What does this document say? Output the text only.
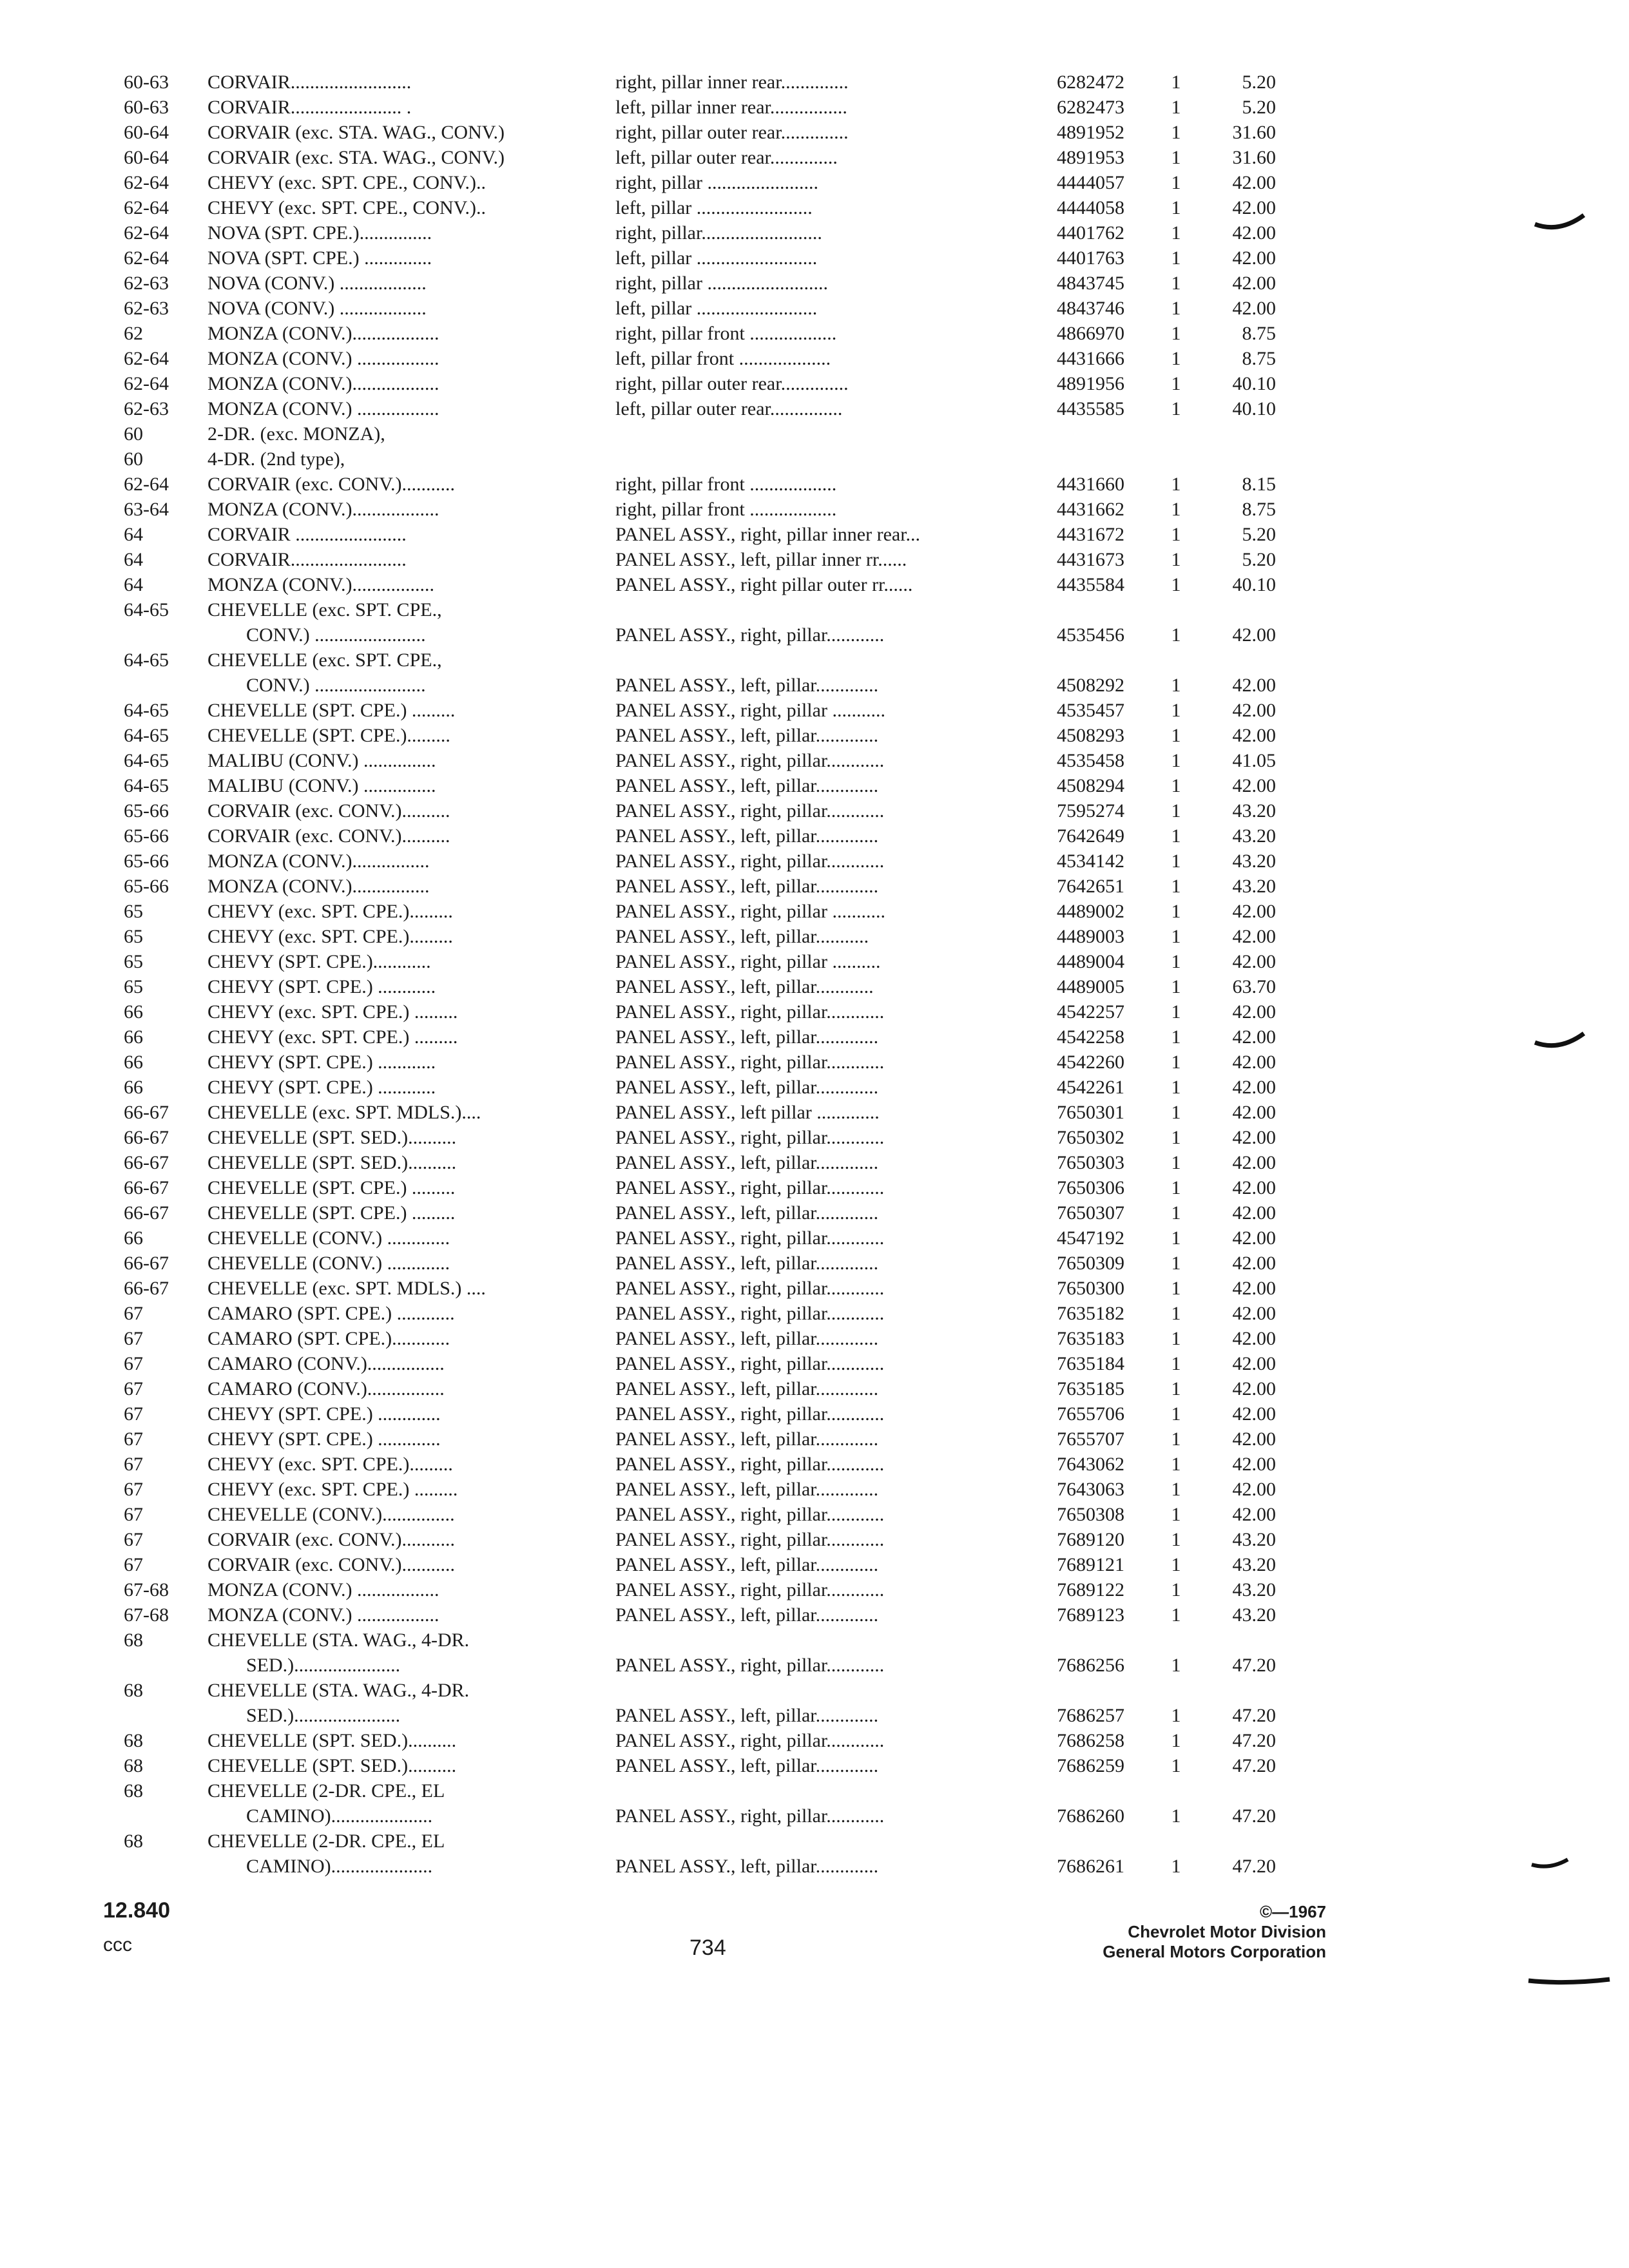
60-63	CORVAIR.........................	right, pillar inner rear..............	6282472	1	5.20
60-63	CORVAIR....................... .	left, pillar inner rear................	6282473	1	5.20
60-64	CORVAIR (exc. STA. WAG., CONV.)	right, pillar outer rear..............	4891952	1	31.60
60-64	CORVAIR (exc. STA. WAG., CONV.)	left, pillar outer rear..............	4891953	1	31.60
62-64	CHEVY (exc. SPT. CPE., CONV.)..	right, pillar .......................	4444057	1	42.00
62-64	CHEVY (exc. SPT. CPE., CONV.)..	left, pillar ........................	4444058	1	42.00
62-64	NOVA (SPT. CPE.)...............	right, pillar.........................	4401762	1	42.00
62-64	NOVA (SPT. CPE.) ..............	left, pillar .........................	4401763	1	42.00
62-63	NOVA (CONV.) ..................	right, pillar .........................	4843745	1	42.00
62-63	NOVA (CONV.) ..................	left, pillar .........................	4843746	1	42.00
62	MONZA (CONV.)..................	right, pillar front ..................	4866970	1	8.75
62-64	MONZA (CONV.) .................	left, pillar front ...................	4431666	1	8.75
62-64	MONZA (CONV.)..................	right, pillar outer rear..............	4891956	1	40.10
62-63	MONZA (CONV.) .................	left, pillar outer rear...............	4435585	1	40.10
60	2-DR. (exc. MONZA),
60	4-DR. (2nd type),
62-64	CORVAIR (exc. CONV.)...........	right, pillar front ..................	4431660	1	8.15
63-64	MONZA (CONV.)..................	right, pillar front ..................	4431662	1	8.75
64	CORVAIR .......................	PANEL ASSY., right, pillar inner rear...	4431672	1	5.20
64	CORVAIR........................	PANEL ASSY., left, pillar inner rr......	4431673	1	5.20
64	MONZA (CONV.).................	PANEL ASSY., right pillar outer rr......	4435584	1	40.10
64-65	CHEVELLE (exc. SPT. CPE.,
CONV.) .......................	PANEL ASSY., right, pillar............	4535456	1	42.00
64-65	CHEVELLE (exc. SPT. CPE.,
CONV.) .......................	PANEL ASSY., left, pillar.............	4508292	1	42.00
64-65	CHEVELLE (SPT. CPE.) .........	PANEL ASSY., right, pillar ...........	4535457	1	42.00
64-65	CHEVELLE (SPT. CPE.).........	PANEL ASSY., left, pillar.............	4508293	1	42.00
64-65	MALIBU (CONV.) ...............	PANEL ASSY., right, pillar............	4535458	1	41.05
64-65	MALIBU (CONV.) ...............	PANEL ASSY., left, pillar.............	4508294	1	42.00
65-66	CORVAIR (exc. CONV.)..........	PANEL ASSY., right, pillar............	7595274	1	43.20
65-66	CORVAIR (exc. CONV.)..........	PANEL ASSY., left, pillar.............	7642649	1	43.20
65-66	MONZA (CONV.)................	PANEL ASSY., right, pillar............	4534142	1	43.20
65-66	MONZA (CONV.)................	PANEL ASSY., left, pillar.............	7642651	1	43.20
65	CHEVY (exc. SPT. CPE.).........	PANEL ASSY., right, pillar ...........	4489002	1	42.00
65	CHEVY (exc. SPT. CPE.).........	PANEL ASSY., left, pillar...........	4489003	1	42.00
65	CHEVY (SPT. CPE.)............	PANEL ASSY., right, pillar ..........	4489004	1	42.00
65	CHEVY (SPT. CPE.) ............	PANEL ASSY., left, pillar............	4489005	1	63.70
66	CHEVY (exc. SPT. CPE.) .........	PANEL ASSY., right, pillar............	4542257	1	42.00
66	CHEVY (exc. SPT. CPE.) .........	PANEL ASSY., left, pillar.............	4542258	1	42.00
66	CHEVY (SPT. CPE.) ............	PANEL ASSY., right, pillar............	4542260	1	42.00
66	CHEVY (SPT. CPE.) ............	PANEL ASSY., left, pillar.............	4542261	1	42.00
66-67	CHEVELLE (exc. SPT. MDLS.)....	PANEL ASSY., left pillar .............	7650301	1	42.00
66-67	CHEVELLE (SPT. SED.)..........	PANEL ASSY., right, pillar............	7650302	1	42.00
66-67	CHEVELLE (SPT. SED.)..........	PANEL ASSY., left, pillar.............	7650303	1	42.00
66-67	CHEVELLE (SPT. CPE.) .........	PANEL ASSY., right, pillar............	7650306	1	42.00
66-67	CHEVELLE (SPT. CPE.) .........	PANEL ASSY., left, pillar.............	7650307	1	42.00
66	CHEVELLE (CONV.) .............	PANEL ASSY., right, pillar............	4547192	1	42.00
66-67	CHEVELLE (CONV.) .............	PANEL ASSY., left, pillar.............	7650309	1	42.00
66-67	CHEVELLE (exc. SPT. MDLS.) ....	PANEL ASSY., right, pillar............	7650300	1	42.00
67	CAMARO (SPT. CPE.) ............	PANEL ASSY., right, pillar............	7635182	1	42.00
67	CAMARO (SPT. CPE.)............	PANEL ASSY., left, pillar.............	7635183	1	42.00
67	CAMARO (CONV.)................	PANEL ASSY., right, pillar............	7635184	1	42.00
67	CAMARO (CONV.)................	PANEL ASSY., left, pillar.............	7635185	1	42.00
67	CHEVY (SPT. CPE.) .............	PANEL ASSY., right, pillar............	7655706	1	42.00
67	CHEVY (SPT. CPE.) .............	PANEL ASSY., left, pillar.............	7655707	1	42.00
67	CHEVY (exc. SPT. CPE.).........	PANEL ASSY., right, pillar............	7643062	1	42.00
67	CHEVY (exc. SPT. CPE.) .........	PANEL ASSY., left, pillar.............	7643063	1	42.00
67	CHEVELLE (CONV.)...............	PANEL ASSY., right, pillar............	7650308	1	42.00
67	CORVAIR (exc. CONV.)...........	PANEL ASSY., right, pillar............	7689120	1	43.20
67	CORVAIR (exc. CONV.)...........	PANEL ASSY., left, pillar.............	7689121	1	43.20
67-68	MONZA (CONV.) .................	PANEL ASSY., right, pillar............	7689122	1	43.20
67-68	MONZA (CONV.) .................	PANEL ASSY., left, pillar.............	7689123	1	43.20
68	CHEVELLE (STA. WAG., 4-DR.
SED.)......................	PANEL ASSY., right, pillar............	7686256	1	47.20
68	CHEVELLE (STA. WAG., 4-DR.
SED.)......................	PANEL ASSY., left, pillar.............	7686257	1	47.20
68	CHEVELLE (SPT. SED.)..........	PANEL ASSY., right, pillar............	7686258	1	47.20
68	CHEVELLE (SPT. SED.)..........	PANEL ASSY., left, pillar.............	7686259	1	47.20
68	CHEVELLE (2-DR. CPE., EL
CAMINO).....................	PANEL ASSY., right, pillar............	7686260	1	47.20
68	CHEVELLE (2-DR. CPE., EL
CAMINO).....................	PANEL ASSY., left, pillar.............	7686261	1	47.20
12.840
ccc	734
©—1967
Chevrolet Motor Division
General Motors Corporation
